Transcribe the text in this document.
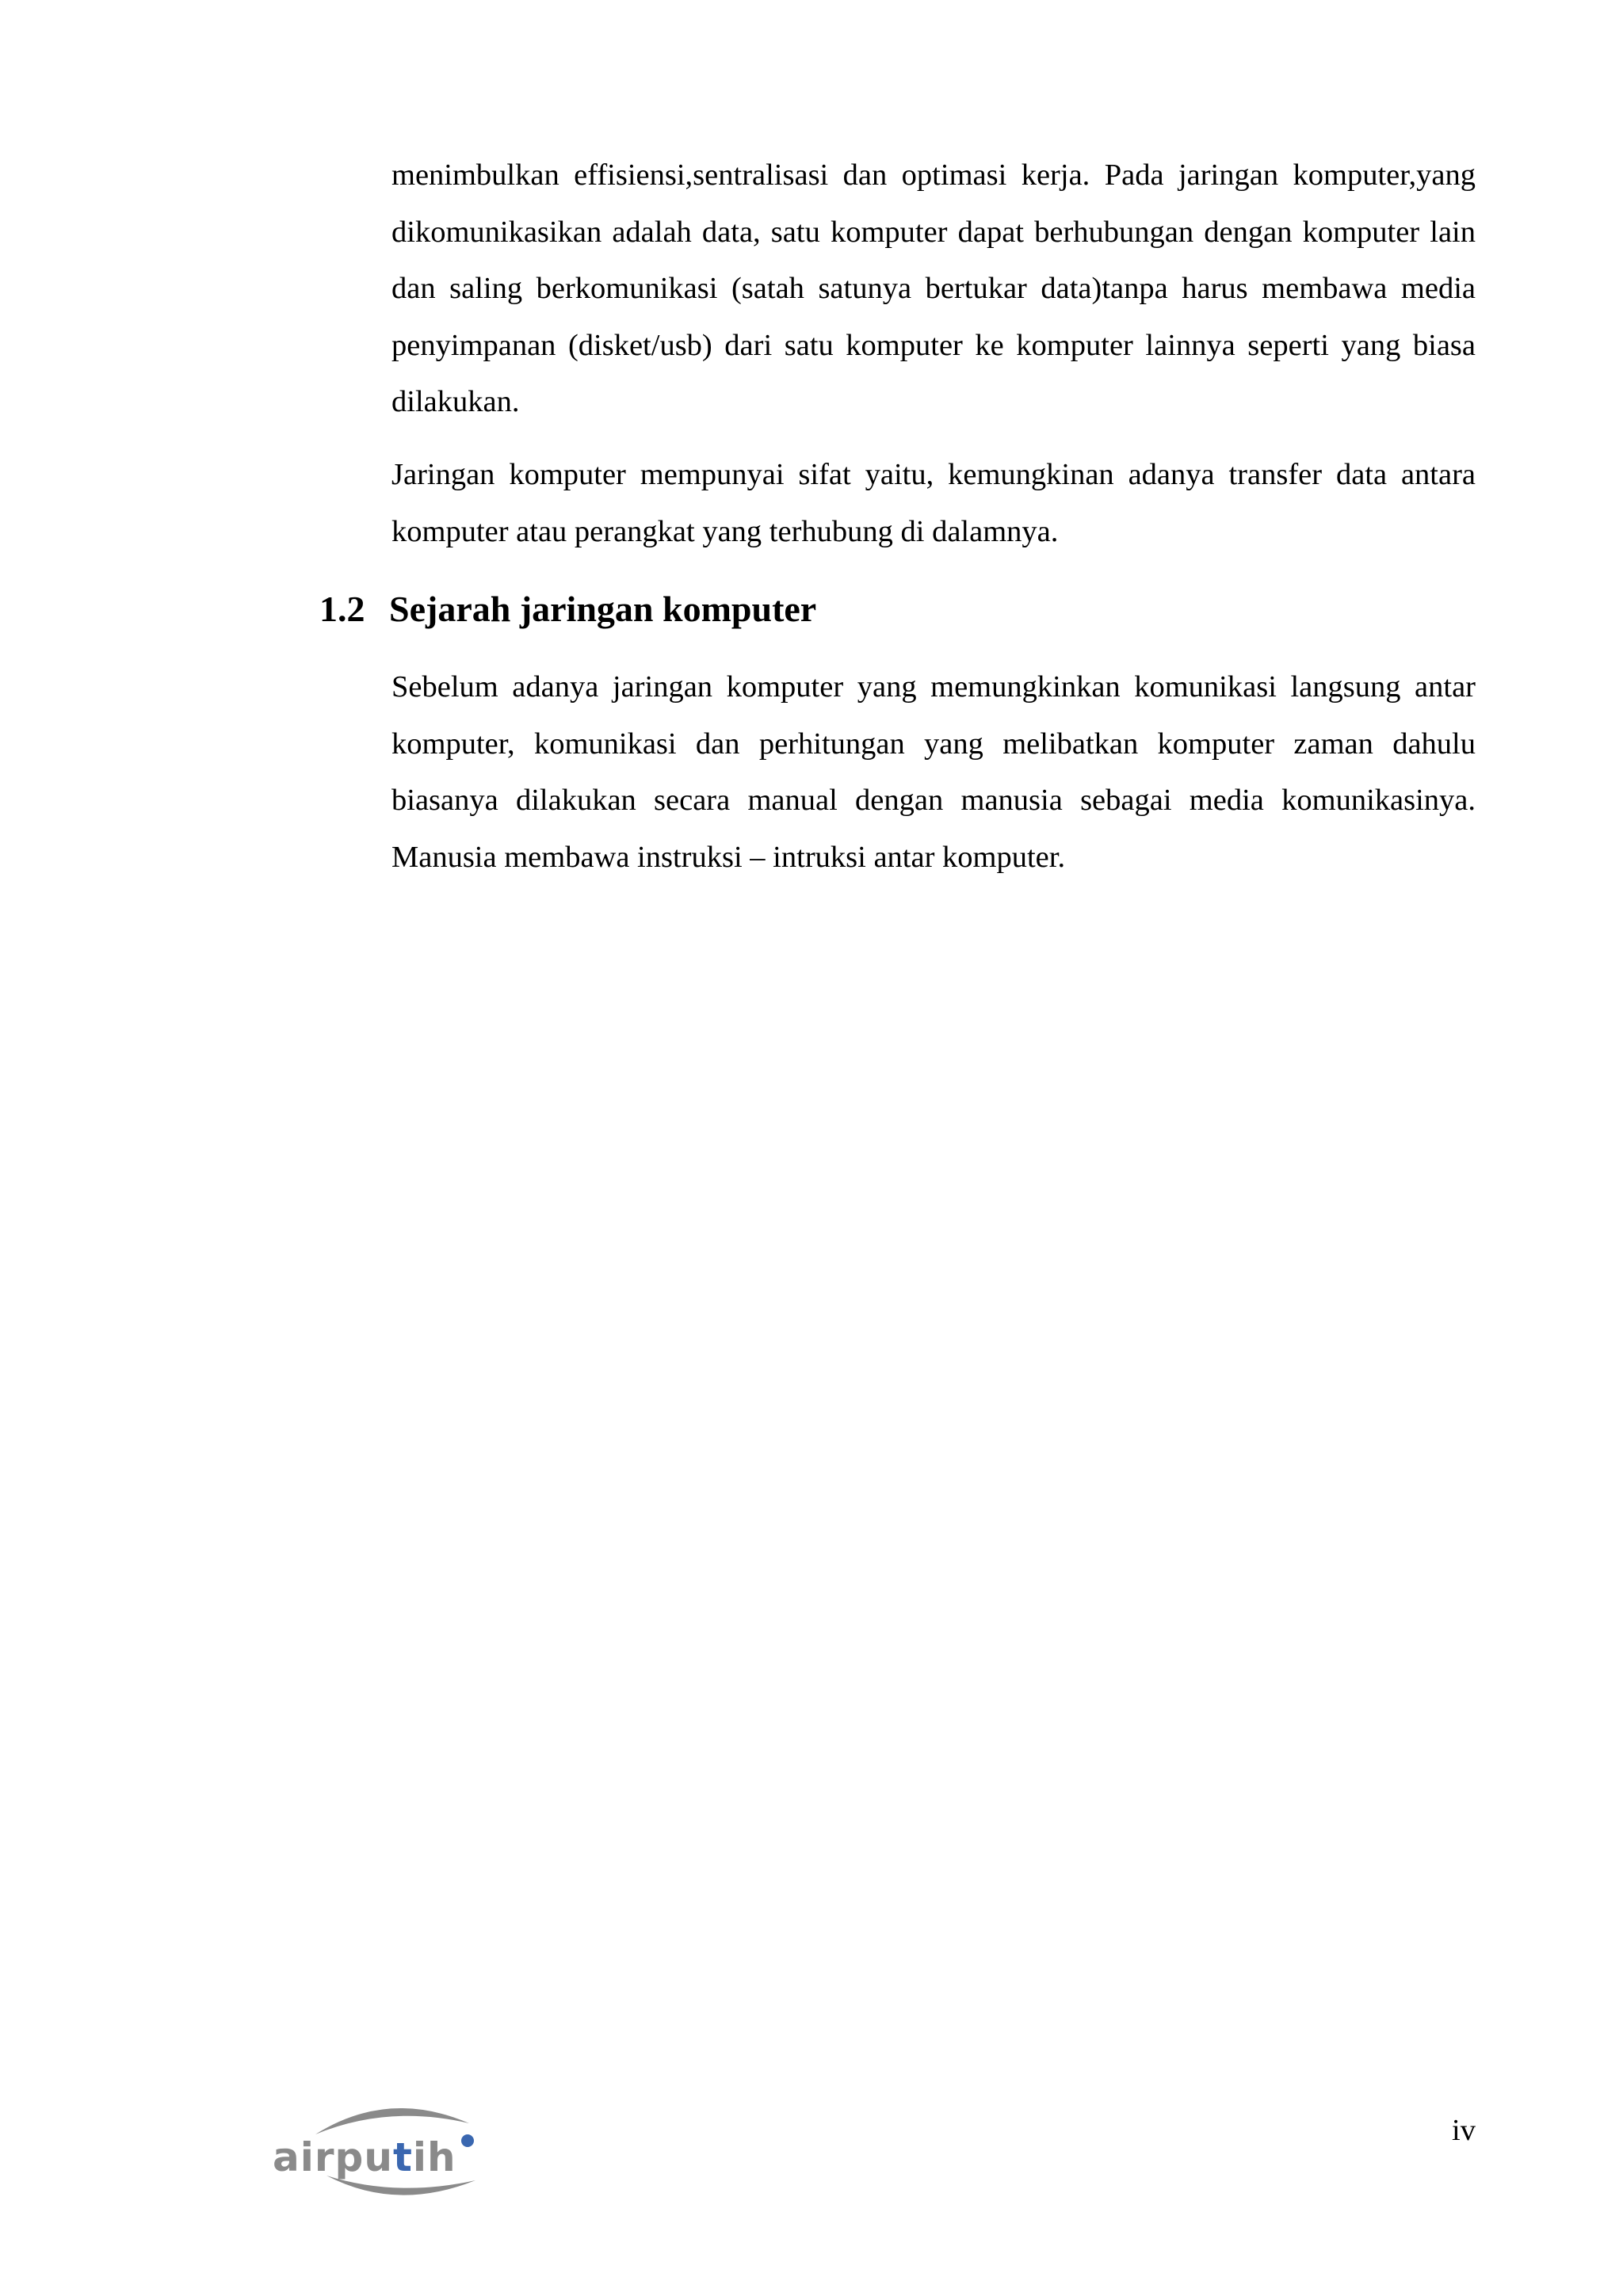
menimbulkan effisiensi,sentralisasi dan optimasi kerja. Pada jaringan komputer,yang dikomunikasikan adalah data, satu komputer dapat berhubungan dengan komputer lain dan saling berkomunikasi (satah satunya bertukar data)tanpa harus membawa media penyimpanan (disket/usb) dari satu komputer ke komputer lainnya seperti yang biasa dilakukan.

Jaringan komputer mempunyai sifat yaitu, kemungkinan adanya transfer data antara komputer atau perangkat yang terhubung di dalamnya.

1.2 Sejarah jaringan komputer

Sebelum adanya jaringan komputer yang memungkinkan komunikasi langsung antar komputer, komunikasi dan perhitungan yang melibatkan komputer zaman dahulu biasanya dilakukan secara manual dengan manusia sebagai media komunikasinya. Manusia membawa instruksi – intruksi antar komputer.

airputih
iv
